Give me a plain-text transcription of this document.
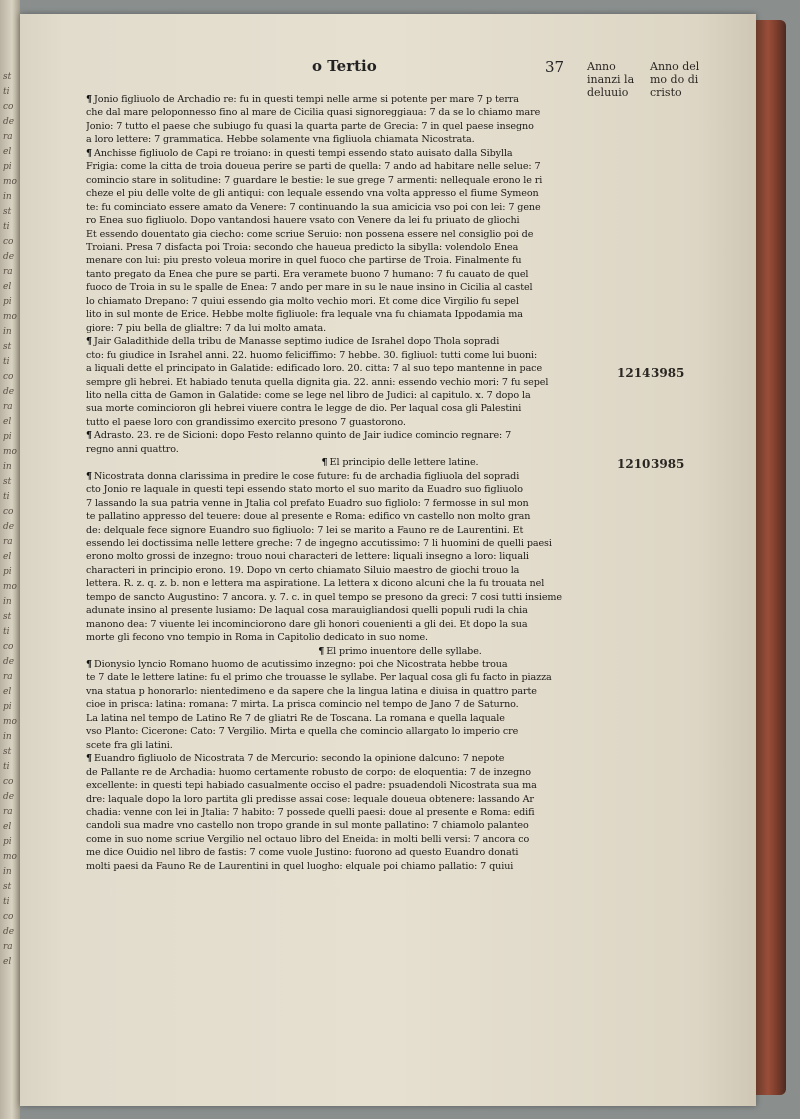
st
ti
co
de
ra
el
pi
mo
in
st
ti
co
de
ra
el
pi
mo
in
st
ti
co
de
ra
el
pi
mo
in
st
ti
co
de
ra
el
pi
mo
in
st
ti
co
de
ra
el
pi
mo
in
st
ti
co
de
ra
el
pi
mo
in
st
ti
co
de
ra
el
o Tertio	37 Anno inanzi la deluuio
Anno del mo do di cristo
1214 3985
1210 3985
¶ Jonio figliuolo de Archadio re: fu in questi tempi nelle arme si potente per mare 7 p terra
che dal mare peloponnesso fino al mare de Cicilia quasi signoreggiaua: 7 da se lo chiamo mare
Jonio: 7 tutto el paese che subiugo fu quasi la quarta parte de Grecia: 7 in quel paese insegno
a loro lettere: 7 grammatica. Hebbe solamente vna figliuola chiamata Nicostrata.
¶ Anchisse figliuolo de Capi re troiano: in questi tempi essendo stato auisato dalla Sibylla
Frigia: come la citta de troia doueua perire se parti de quella: 7 ando ad habitare nelle selue: 7
comincio stare in solitudine: 7 guardare le bestie: le sue grege 7 armenti: nellequale erono le ri
cheze el piu delle volte de gli antiqui: con lequale essendo vna volta appresso el fiume Symeon
te: fu cominciato essere amato da Venere: 7 continuando la sua amicicia vso poi con lei: 7 gene
ro Enea suo figliuolo. Dopo vantandosi hauere vsato con Venere da lei fu priuato de gliochi
Et essendo douentato gia ciecho: come scriue Seruio: non possena essere nel consiglio poi de
Troiani. Presa 7 disfacta poi Troia: secondo che haueua predicto la sibylla: volendolo Enea
menare con lui: piu presto voleua morire in quel fuoco che partirse de Troia. Finalmente fu
tanto pregato da Enea che pure se parti. Era veramete buono 7 humano: 7 fu cauato de quel
fuoco de Troia in su le spalle de Enea: 7 ando per mare in su le naue insino in Cicilia al castel
lo chiamato Drepano: 7 quiui essendo gia molto vechio mori. Et come dice Virgilio fu sepel
lito in sul monte de Erice. Hebbe molte figliuole: fra lequale vna fu chiamata Ippodamia ma
giore: 7 piu bella de glialtre: 7 da lui molto amata.
¶ Jair Galadithide della tribu de Manasse septimo iudice de Israhel dopo Thola sopradi
cto: fu giudice in Israhel anni. 22. huomo feliciffimo: 7 hebbe. 30. figliuol: tutti come lui buoni:
a liquali dette el principato in Galatide: edificado loro. 20. citta: 7 al suo tepo mantenne in pace
sempre gli hebrei. Et habiado tenuta quella dignita gia. 22. anni: essendo vechio mori: 7 fu sepel
lito nella citta de Gamon in Galatide: come se lege nel libro de Judici: al capitulo. x. 7 dopo la
sua morte comincioron gli hebrei viuere contra le legge de dio. Per laqual cosa gli Palestini
tutto el paese loro con grandissimo exercito presono 7 guastorono.
¶ Adrasto. 23. re de Sicioni: dopo Festo relanno quinto de Jair iudice comincio regnare: 7
regno anni quattro.
¶ El principio delle lettere latine.
¶ Nicostrata donna clarissima in predire le cose future: fu de archadia figliuola del sopradi
cto Jonio re laquale in questi tepi essendo stato morto el suo marito da Euadro suo figliuolo
7 lassando la sua patria venne in Jtalia col prefato Euadro suo figliolo: 7 fermosse in sul mon
te pallatino appresso del teuere: doue al presente e Roma: edifico vn castello non molto gran
de: delquale fece signore Euandro suo figliuolo: 7 lei se marito a Fauno re de Laurentini. Et
essendo lei doctissima nelle lettere greche: 7 de ingegno accutissimo: 7 li huomini de quelli paesi
erono molto grossi de inzegno: trouo noui characteri de lettere: liquali insegno a loro: liquali
characteri in principio erono. 19. Dopo vn certo chiamato Siluio maestro de giochi trouo la
lettera. R. z. q. z. b. non e lettera ma aspiratione. La lettera x dicono alcuni che la fu trouata nel
tempo de sancto Augustino: 7 ancora. y. 7. c. in quel tempo se presono da greci: 7 cosi tutti insieme
adunate insino al presente lusiamo: De laqual cosa marauigliandosi quelli populi rudi la chia
manono dea: 7 viuente lei incominciorono dare gli honori couenienti a gli dei. Et dopo la sua
morte gli fecono vno tempio in Roma in Capitolio dedicato in suo nome.
¶ El primo inuentore delle syllabe.
¶ Dionysio lyncio Romano huomo de acutissimo inzegno: poi che Nicostrata hebbe troua
te 7 date le lettere latine: fu el primo che trouasse le syllabe. Per laqual cosa gli fu facto in piazza
vna statua p honorarlo: nientedimeno e da sapere che la lingua latina e diuisa in quattro parte
cioe in prisca: latina: romana: 7 mirta. La prisca comincio nel tempo de Jano 7 de Saturno.
La latina nel tempo de Latino Re 7 de gliatri Re de Toscana. La romana e quella laquale
vso Planto: Cicerone: Cato: 7 Vergilio. Mirta e quella che comincio allargato lo imperio cre
scete fra gli latini.
¶ Euandro figliuolo de Nicostrata 7 de Mercurio: secondo la opinione dalcuno: 7 nepote
de Pallante re de Archadia: huomo certamente robusto de corpo: de eloquentia: 7 de inzegno
excellente: in questi tepi habiado casualmente occiso el padre: psuadendoli Nicostrata sua ma
dre: laquale dopo la loro partita gli predisse assai cose: lequale doueua obtenere: lassando Ar
chadia: venne con lei in Jtalia: 7 habito: 7 possede quelli paesi: doue al presente e Roma: edifi
candoli sua madre vno castello non tropo grande in sul monte pallatino: 7 chiamolo palanteo
come in suo nome scriue Vergilio nel octauo libro del Eneida: in molti belli versi: 7 ancora co
me dice Ouidio nel libro de fastis: 7 come vuole Justino: fuorono ad questo Euandro donati
molti paesi da Fauno Re de Laurentini in quel luogho: elquale poi chiamo pallatio: 7 quiui
